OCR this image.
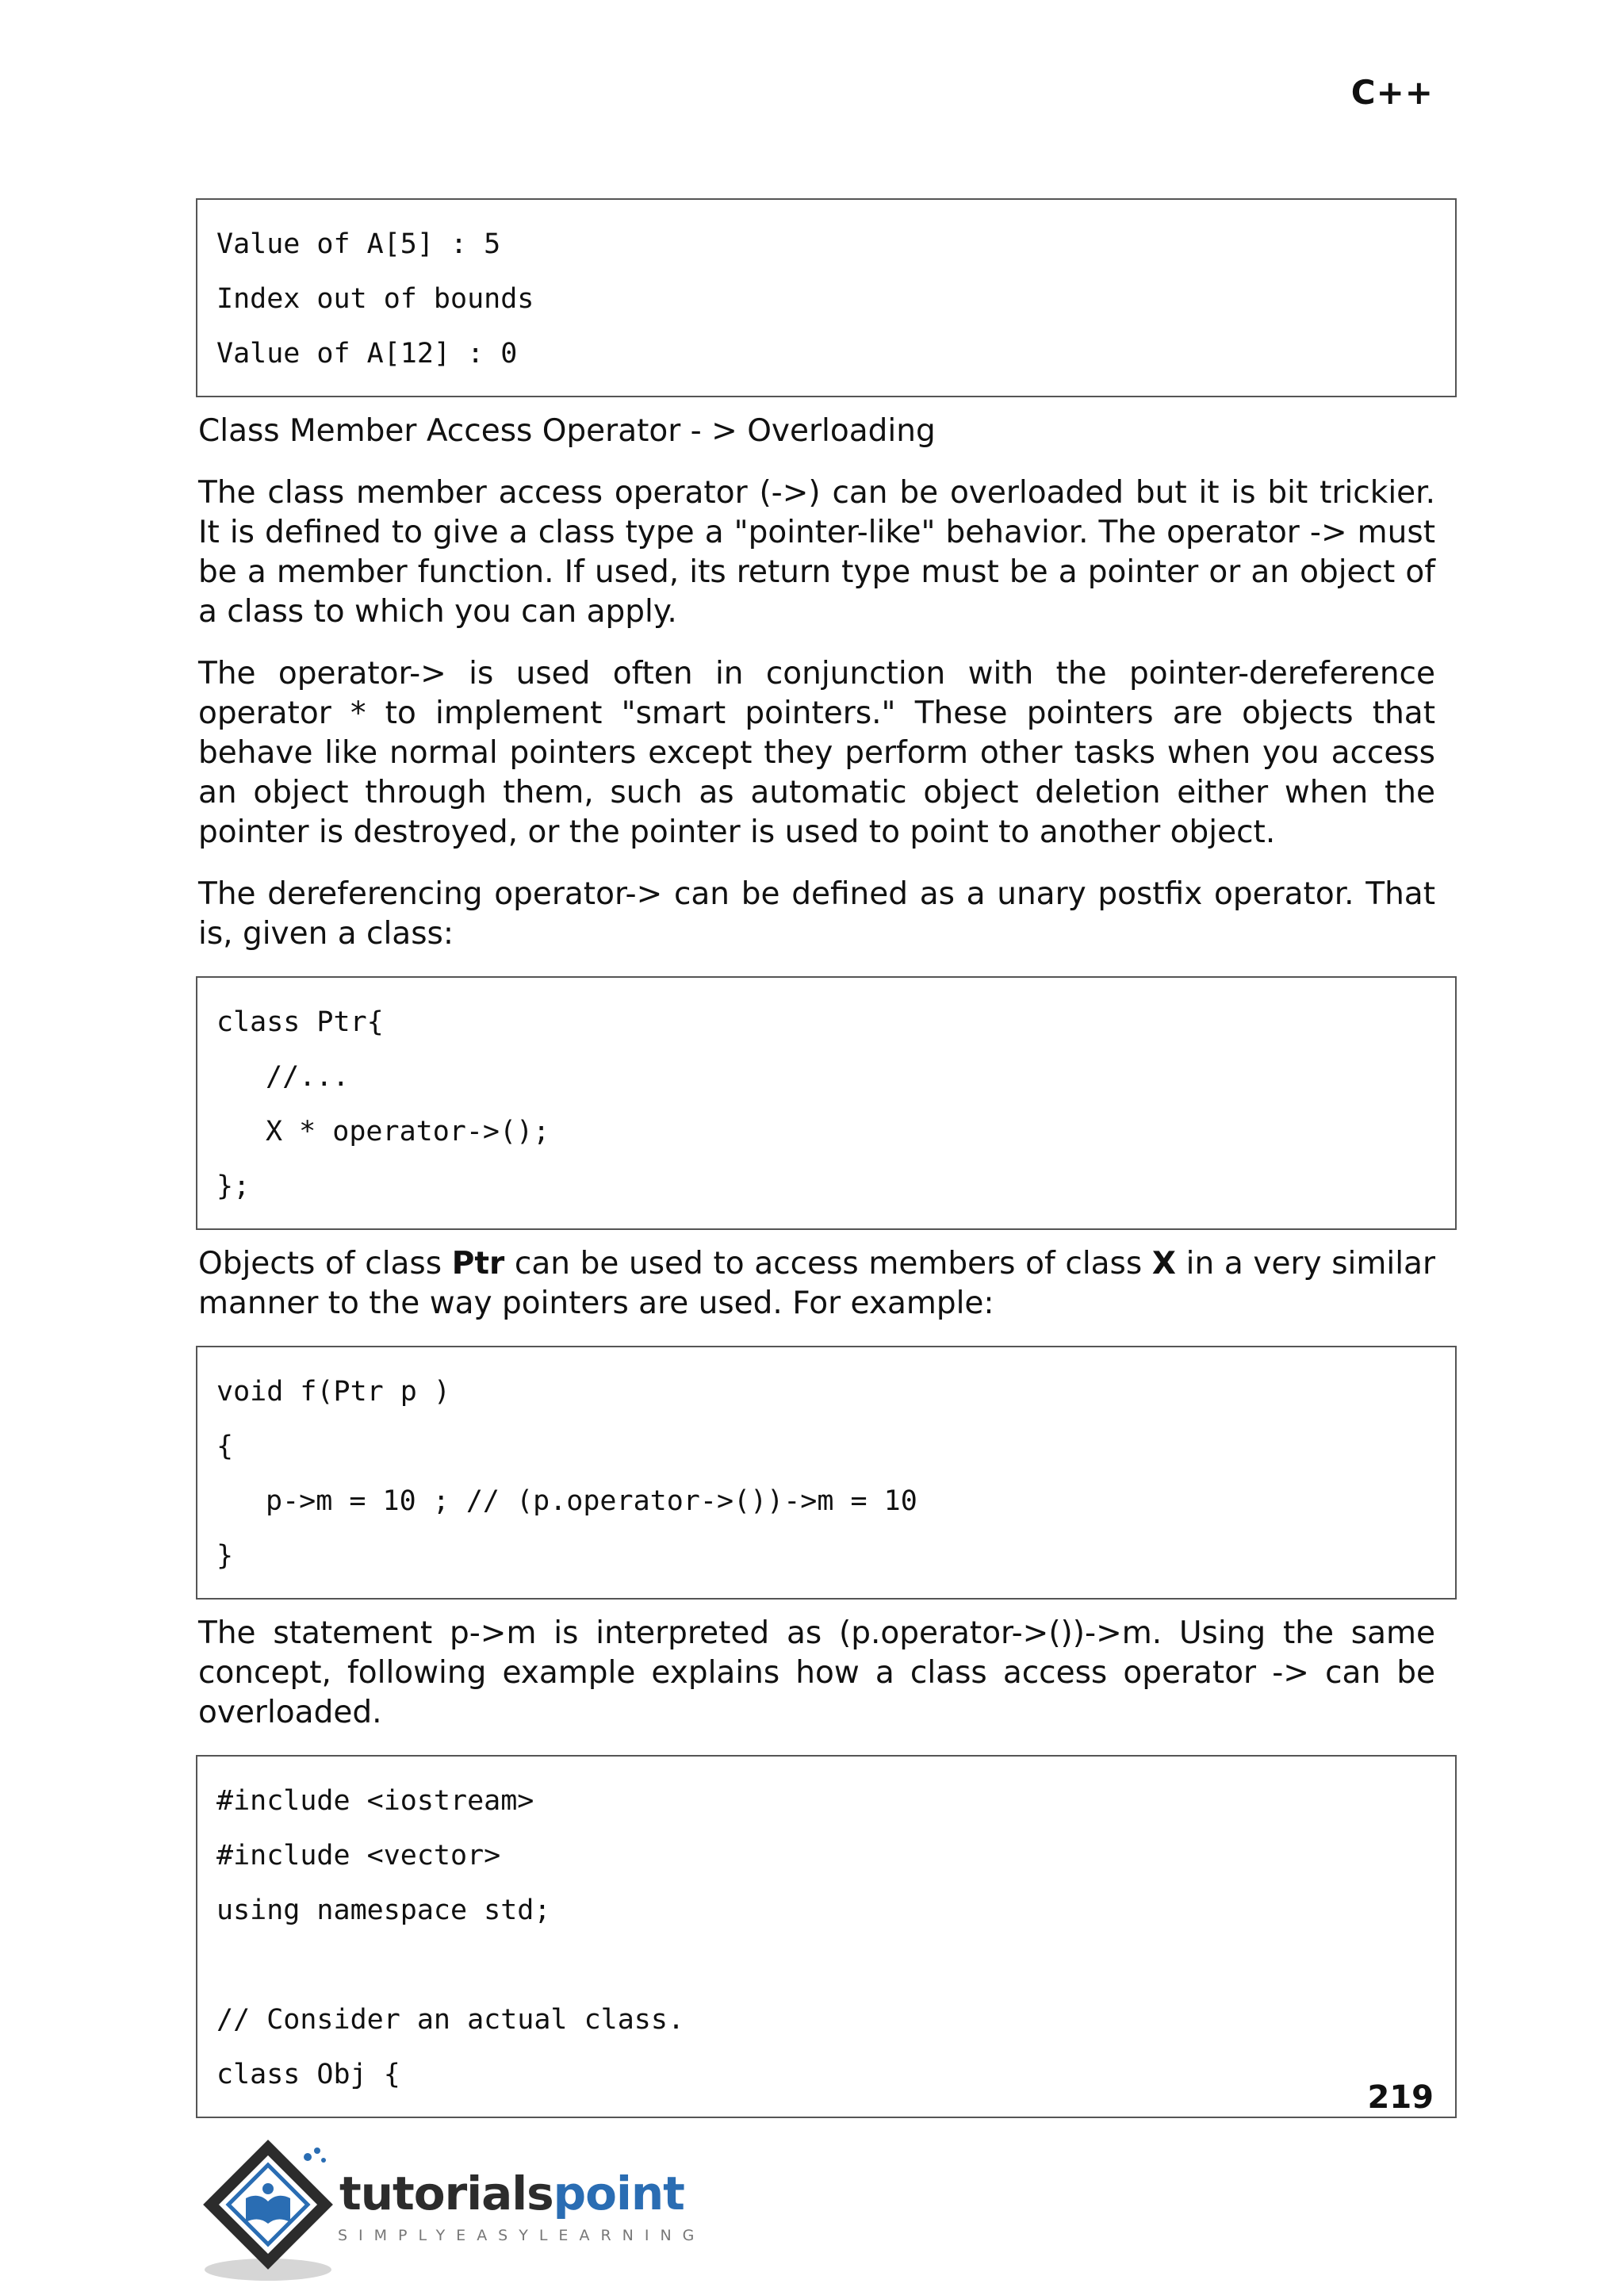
C++
Value of A[5] : 5
Index out of bounds
Value of A[12] : 0
Class Member Access Operator - > Overloading

The class member access operator (->) can be overloaded but it is bit trickier. It is defined to give a class type a "pointer-like" behavior. The operator -> must be a member function. If used, its return type must be a pointer or an object of a class to which you can apply.

The operator-> is used often in conjunction with the pointer-dereference operator * to implement "smart pointers." These pointers are objects that behave like normal pointers except they perform other tasks when you access an object through them, such as automatic object deletion either when the pointer is destroyed, or the pointer is used to point to another object.

The dereferencing operator-> can be defined as a unary postfix operator. That is, given a class:

class Ptr{
//...
X * operator->();
};

Objects of class Ptr can be used to access members of class X in a very similar manner to the way pointers are used. For example:

void f(Ptr p )
{
p->m = 10 ; // (p.operator->())->m = 10
}

The statement p->m is interpreted as (p.operator->())->m. Using the same concept, following example explains how a class access operator -> can be overloaded.

#include <iostream>
#include <vector>
using namespace std;
// Consider an actual class.
class Obj {
219
tutorialspoint
SIMPLYEASYLEARNING
